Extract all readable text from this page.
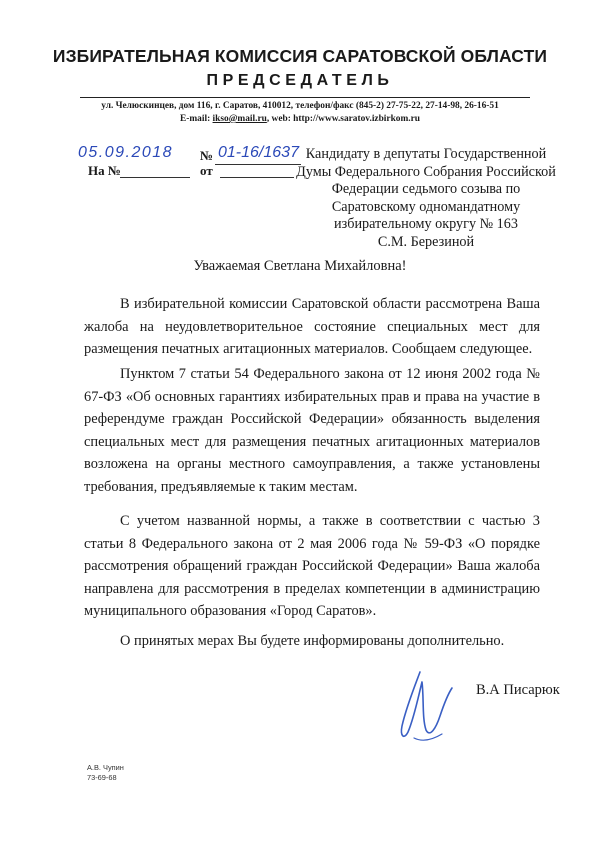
ИЗБИРАТЕЛЬНАЯ КОМИССИЯ САРАТОВСКОЙ ОБЛАСТИ
ПРЕДСЕДАТЕЛЬ
ул. Челюскинцев, дом 116, г. Саратов, 410012, телефон/факс (845-2) 27-75-22, 27-14-98, 26-16-51
E-mail: ikso@mail.ru, web: http://www.saratov.izbirkom.ru
05.09.2018 № 01-16/1637
На №	от
Кандидату в депутаты Государственной
Думы Федерального Собрания Российской
Федерации седьмого созыва по
Саратовскому одномандатному
избирательному округу № 163
С.М. Березиной
Уважаемая Светлана Михайловна!

В избирательной комиссии Саратовской области рассмотрена Ваша жалоба на неудовлетворительное состояние специальных мест для размещения печатных агитационных материалов. Сообщаем следующее.

Пунктом 7 статьи 54 Федерального закона от 12 июня 2002 года № 67-ФЗ «Об основных гарантиях избирательных прав и права на участие в референдуме граждан Российской Федерации» обязанность выделения специальных мест для размещения печатных агитационных материалов возложена на органы местного самоуправления, а также установлены требования, предъявляемые к таким местам.

С учетом названной нормы, а также в соответствии с частью 3 статьи 8 Федерального закона от 2 мая 2006 года № 59-ФЗ «О порядке рассмотрения обращений граждан Российской Федерации» Ваша жалоба направлена для рассмотрения в пределах компетенции в администрацию муниципального образования «Город Саратов».

О принятых мерах Вы будете информированы дополнительно.

В.А Писарюк
А.В. Чупин
73-69-68
